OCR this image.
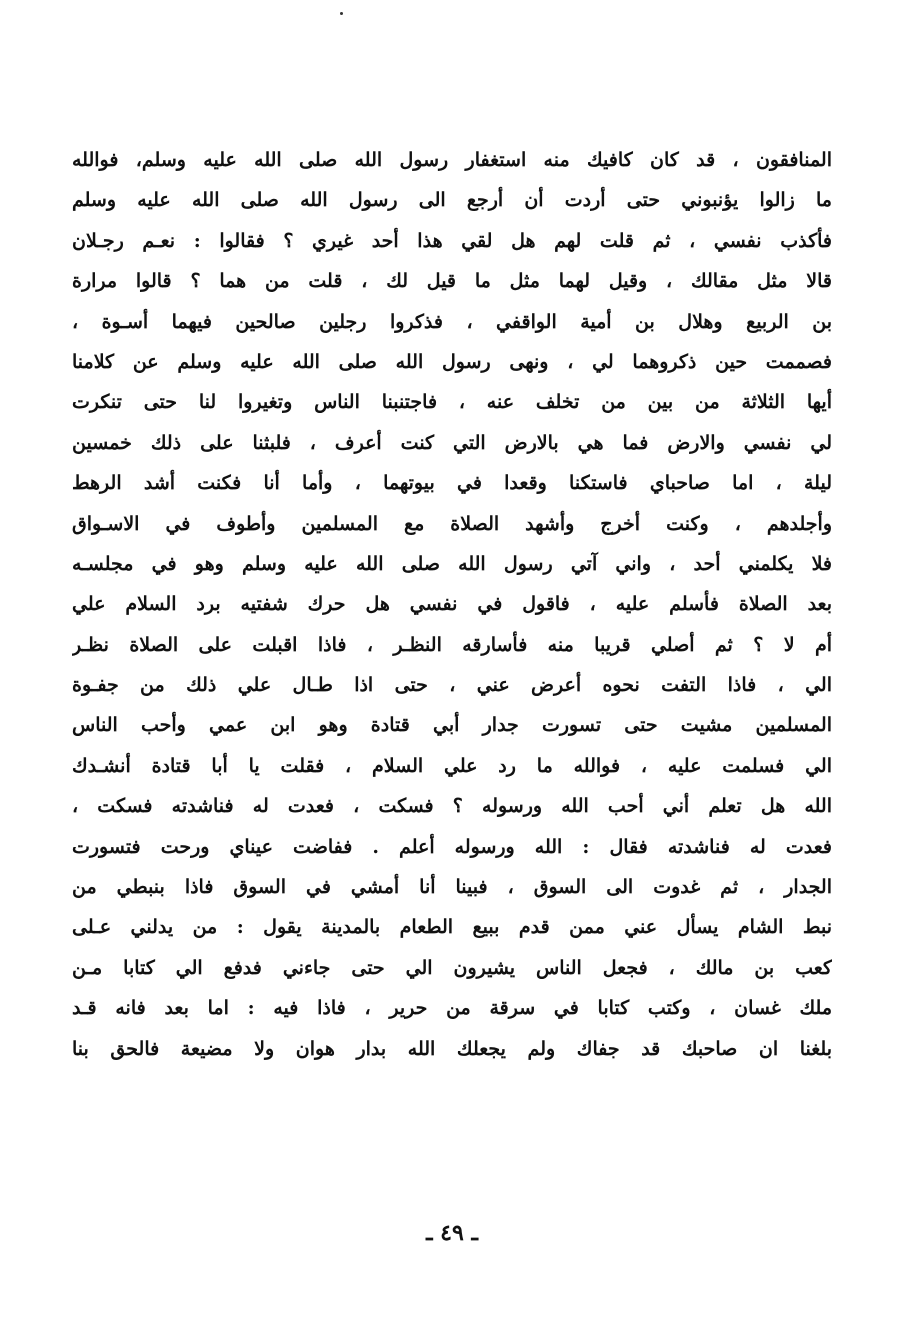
المنافقون ، قد كان كافيك منه استغفار رسول الله صلى الله عليه وسلم، فوالله
ما زالوا يؤنبوني حتى أردت أن أرجع الى رسول الله صلى الله عليه وسلم
فأكذب نفسي ، ثم قلت لهم هل لقي هذا أحد غيري ؟ فقالوا : نعـم رجـلان
قالا مثل مقالك ، وقيل لهما مثل ما قيل لك ، قلت من هما ؟ قالوا مرارة
بن الربيع وهلال بن أمية الواقفي ، فذكروا رجلين صالحين فيهما أسـوة ،
فصممت حين ذكروهما لي ، ونهى رسول الله صلى الله عليه وسلم عن كلامنا
أيها الثلاثة من بين من تخلف عنه ، فاجتنبنا الناس وتغيروا لنا حتى تنكرت
لي نفسي والارض فما هي بالارض التي كنت أعرف ، فلبثنا على ذلك خمسين
ليلة ، اما صاحباي فاستكنا وقعدا في بيوتهما ، وأما أنا فكنت أشد الرهط
وأجلدهم ، وكنت أخرج وأشهد الصلاة مع المسلمين وأطوف في الاسـواق
فلا يكلمني أحد ، واني آتي رسول الله صلى الله عليه وسلم وهو في مجلسـه
بعد الصلاة فأسلم عليه ، فاقول في نفسي هل حرك شفتيه برد السلام علي
أم لا ؟ ثم أصلي قريبا منه فأسارقه النظـر ، فاذا اقبلت على الصلاة نظـر
الي ، فاذا التفت نحوه أعرض عني ، حتى اذا طـال علي ذلك من جفـوة
المسلمين مشيت حتى تسورت جدار أبي قتادة وهو ابن عمي وأحب الناس
الي فسلمت عليه ، فوالله ما رد علي السلام ، فقلت يا أبا قتادة أنشـدك
الله هل تعلم أني أحب الله ورسوله ؟ فسكت ، فعدت له فناشدته فسكت ،
فعدت له فناشدته فقال : الله ورسوله أعلم . ففاضت عيناي ورحت فتسورت
الجدار ، ثم غدوت الى السوق ، فبينا أنا أمشي في السوق فاذا بنبطي من
نبط الشام يسأل عني ممن قدم ببيع الطعام بالمدينة يقول : من يدلني عـلى
كعب بن مالك ، فجعل الناس يشيرون الي حتى جاءني فدفع الي كتابا مـن
ملك غسان ، وكتب كتابا في سرقة من حرير ، فاذا فيه : اما بعد فانه قـد
بلغنا ان صاحبك قد جفاك ولم يجعلك الله بدار هوان ولا مضيعة فالحق بنا
ـ ٤٩ ـ
